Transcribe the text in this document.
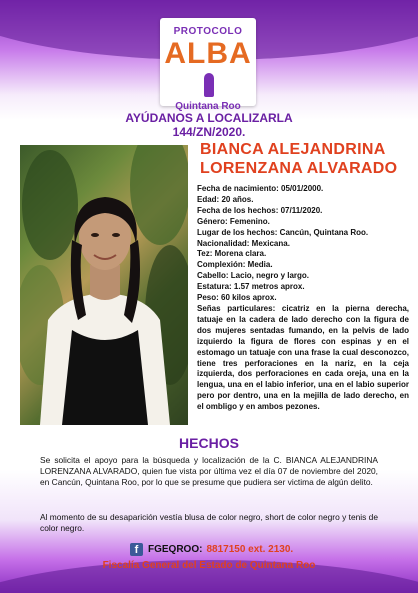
PROTOCOLO
ALBA
Quintana Roo
AYÚDANOS A LOCALIZARLA
144/ZN/2020.
BIANCA ALEJANDRINA
LORENZANA ALVARADO
Fecha de nacimiento: 05/01/2000.
Edad: 20 años.
Fecha de los hechos: 07/11/2020.
Género: Femenino.
Lugar de los hechos: Cancún, Quintana Roo.
Nacionalidad: Mexicana.
Tez: Morena clara.
Complexión: Media.
Cabello: Lacio, negro y largo.
Estatura: 1.57 metros aprox.
Peso: 60 kilos aprox.
Señas particulares: cicatriz en la pierna derecha, tatuaje en la cadera de lado derecho con la figura de dos mujeres sentadas fumando, en la pelvis de lado izquierdo la figura de flores con espinas y en el estomago un tatuaje con una frase la cual desconozco, tiene tres perforaciones en la nariz, en la ceja izquierda, dos perforaciones en cada oreja, una en la lengua, una en el labio inferior, una en el labio superior pero por dentro, una en la mejilla de lado derecho, en el ombligo y en ambos pezones.
HECHOS
Se solicita el apoyo para la búsqueda y localización de la C. BIANCA ALEJANDRINA LORENZANA ALVARADO, quien fue vista por última vez el día 07 de noviembre del 2020, en Cancún, Quintana Roo, por lo que se presume que pudiera ser victima de algún delito.
Al momento de su desaparición vestía blusa de color negro, short de color negro y tenis de color negro.
f FGEQROO: 8817150 ext. 2130.
Fiscalía General del Estado de Quintana Roo
